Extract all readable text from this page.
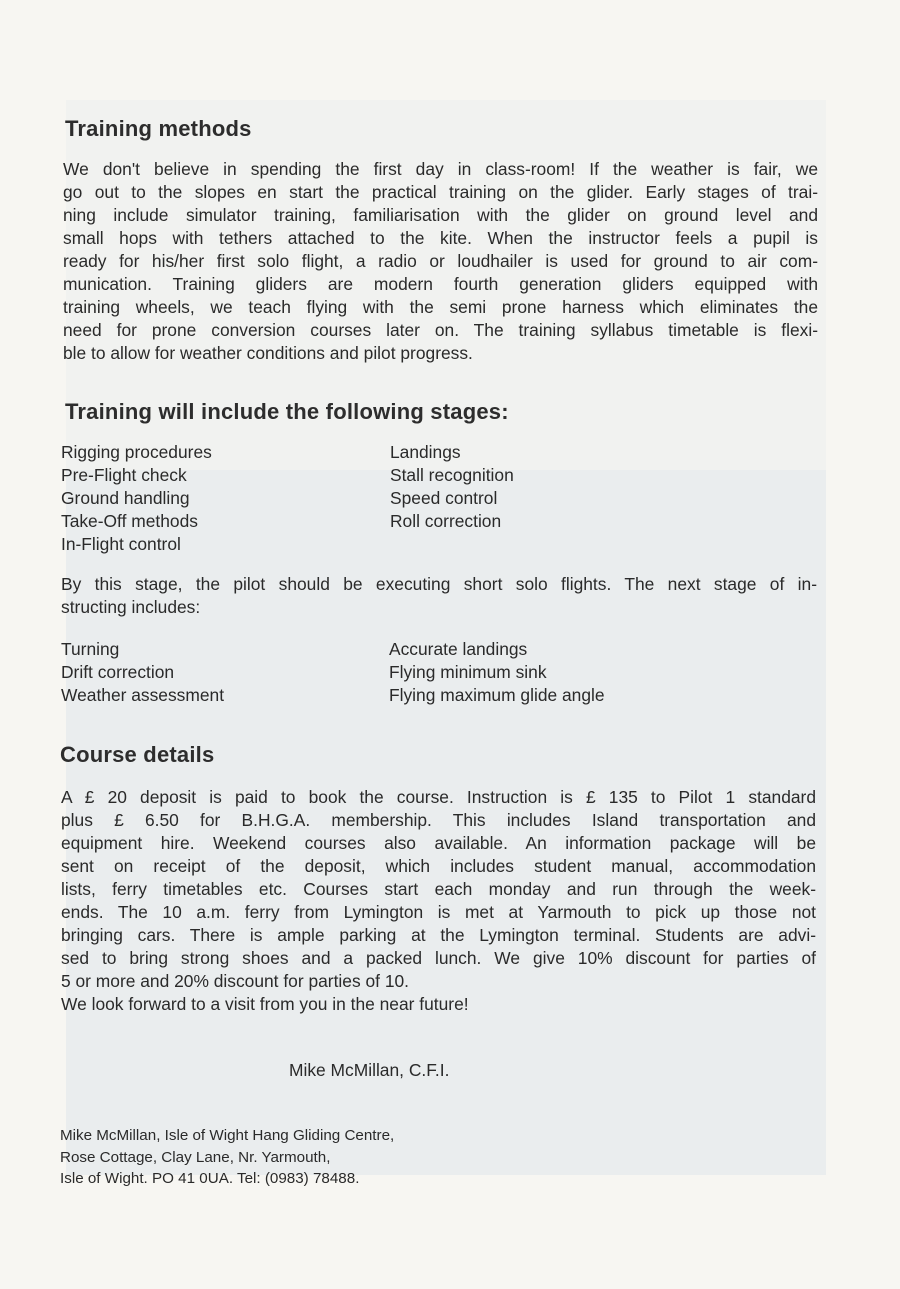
Training methods
We don't believe in spending the first day in class-room! If the weather is fair, we
go out to the slopes en start the practical training on the glider. Early stages of trai-
ning include simulator training, familiarisation with the glider on ground level and
small hops with tethers attached to the kite. When the instructor feels a pupil is
ready for his/her first solo flight, a radio or loudhailer is used for ground to air com-
munication. Training gliders are modern fourth generation gliders equipped with
training wheels, we teach flying with the semi prone harness which eliminates the
need for prone conversion courses later on. The training syllabus timetable is flexi-
ble to allow for weather conditions and pilot progress.
Training will include the following stages:
Rigging procedures
Pre-Flight check
Ground handling
Take-Off methods
In-Flight control
Landings
Stall recognition
Speed control
Roll correction
By this stage, the pilot should be executing short solo flights. The next stage of in-
structing includes:
Turning
Drift correction
Weather assessment
Accurate landings
Flying minimum sink
Flying maximum glide angle
Course details
A £ 20 deposit is paid to book the course. Instruction is £ 135 to Pilot 1 standard
plus £ 6.50 for B.H.G.A. membership. This includes Island transportation and
equipment hire. Weekend courses also available. An information package will be
sent on receipt of the deposit, which includes student manual, accommodation
lists, ferry timetables etc. Courses start each monday and run through the week-
ends. The 10 a.m. ferry from Lymington is met at Yarmouth to pick up those not
bringing cars. There is ample parking at the Lymington terminal. Students are advi-
sed to bring strong shoes and a packed lunch. We give 10% discount for parties of
5 or more and 20% discount for parties of 10.
We look forward to a visit from you in the near future!
Mike McMillan, C.F.I.
Mike McMillan, Isle of Wight Hang Gliding Centre,
Rose Cottage, Clay Lane, Nr. Yarmouth,
Isle of Wight. PO 41 0UA. Tel: (0983) 78488.
